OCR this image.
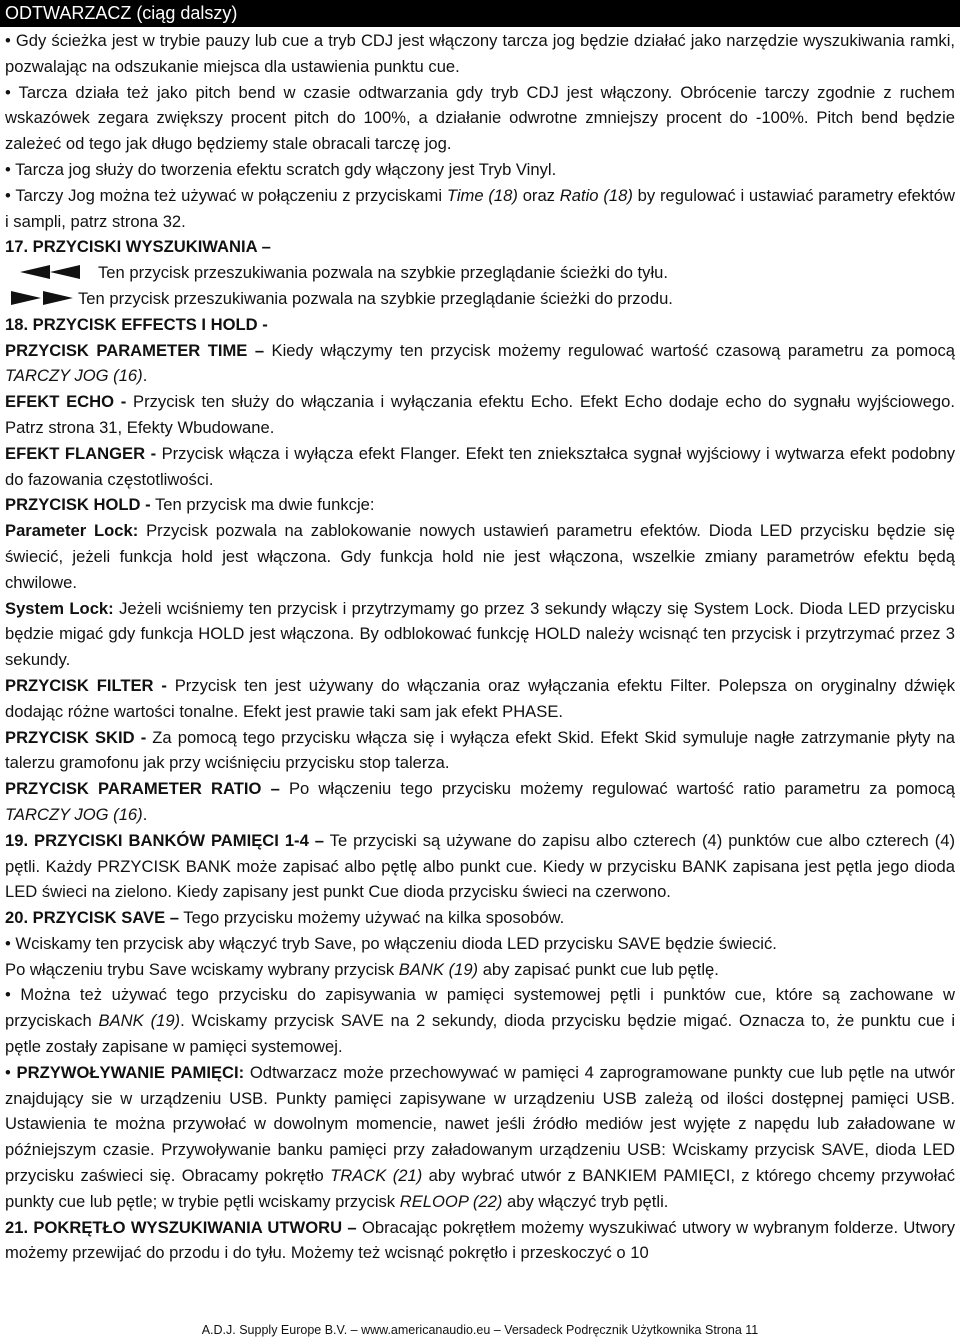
ODTWARZACZ (ciąg dalszy)

• Gdy ścieżka jest w trybie pauzy lub cue a tryb CDJ jest włączony tarcza jog będzie działać jako narzędzie wyszukiwania ramki, pozwalając na odszukanie miejsca dla ustawienia punktu cue.

• Tarcza działa też jako pitch bend w czasie odtwarzania gdy tryb CDJ jest włączony. Obrócenie tarczy zgodnie z ruchem wskazówek zegara zwiększy procent pitch do 100%, a działanie odwrotne zmniejszy procent do -100%. Pitch bend będzie zależeć od tego jak długo będziemy stale obracali tarczę jog.

• Tarcza jog służy do tworzenia efektu scratch gdy włączony jest Tryb Vinyl.

• Tarczy Jog można też używać w połączeniu z przyciskami Time (18) oraz Ratio (18) by regulować i ustawiać parametry efektów i sampli, patrz strona 32.

17. PRZYCISKI WYSZUKIWANIA –

Ten przycisk przeszukiwania pozwala na szybkie przeglądanie ścieżki do tyłu.
Ten przycisk przeszukiwania pozwala na szybkie przeglądanie ścieżki do przodu.

18. PRZYCISK EFFECTS I HOLD -

PRZYCISK PARAMETER TIME – Kiedy włączymy ten przycisk możemy regulować wartość czasową parametru za pomocą TARCZY JOG (16).

EFEKT ECHO - Przycisk ten służy do włączania i wyłączania efektu Echo. Efekt Echo dodaje echo do sygnału wyjściowego. Patrz strona 31, Efekty Wbudowane.

EFEKT FLANGER - Przycisk włącza i wyłącza efekt Flanger. Efekt ten zniekształca sygnał wyjściowy i wytwarza efekt podobny do fazowania częstotliwości.

PRZYCISK HOLD - Ten przycisk ma dwie funkcje:

Parameter Lock: Przycisk pozwala na zablokowanie nowych ustawień parametru efektów. Dioda LED przycisku będzie się świecić, jeżeli funkcja hold jest włączona. Gdy funkcja hold nie jest włączona, wszelkie zmiany parametrów efektu będą chwilowe.

System Lock: Jeżeli wciśniemy ten przycisk i przytrzymamy go przez 3 sekundy włączy się System Lock. Dioda LED przycisku będzie migać gdy funkcja HOLD jest włączona. By odblokować funkcję HOLD należy wcisnąć ten przycisk i przytrzymać przez 3 sekundy.

PRZYCISK FILTER - Przycisk ten jest używany do włączania oraz wyłączania efektu Filter. Polepsza on oryginalny dźwięk dodając różne wartości tonalne. Efekt jest prawie taki sam jak efekt PHASE.

PRZYCISK SKID - Za pomocą tego przycisku włącza się i wyłącza efekt Skid. Efekt Skid symuluje nagłe zatrzymanie płyty na talerzu gramofonu jak przy wciśnięciu przycisku stop talerza.

PRZYCISK PARAMETER RATIO – Po włączeniu tego przycisku możemy regulować wartość ratio parametru za pomocą TARCZY JOG (16).

19. PRZYCISKI BANKÓW PAMIĘCI 1-4 – Te przyciski są używane do zapisu albo czterech (4) punktów cue albo czterech (4) pętli. Każdy PRZYCISK BANK może zapisać albo pętlę albo punkt cue. Kiedy w przycisku BANK zapisana jest pętla jego dioda LED świeci na zielono. Kiedy zapisany jest punkt Cue dioda przycisku świeci na czerwono.

20. PRZYCISK SAVE – Tego przycisku możemy używać na kilka sposobów.

• Wciskamy ten przycisk aby włączyć tryb Save, po włączeniu dioda LED przycisku SAVE będzie świecić.

Po włączeniu trybu Save wciskamy wybrany przycisk BANK (19) aby zapisać punkt cue lub pętlę.

• Można też używać tego przycisku do zapisywania w pamięci systemowej pętli i punktów cue, które są zachowane w przyciskach BANK (19). Wciskamy przycisk SAVE na 2 sekundy, dioda przycisku będzie migać. Oznacza to, że punktu cue i pętle zostały zapisane w pamięci systemowej.

• PRZYWOŁYWANIE PAMIĘCI: Odtwarzacz może przechowywać w pamięci 4 zaprogramowane punkty cue lub pętle na utwór znajdujący sie w urządzeniu USB. Punkty pamięci zapisywane w urządzeniu USB zależą od ilości dostępnej pamięci USB. Ustawienia te można przywołać w dowolnym momencie, nawet jeśli źródło mediów jest wyjęte z napędu lub załadowane w późniejszym czasie. Przywoływanie banku pamięci przy załadowanym urządzeniu USB: Wciskamy przycisk SAVE, dioda LED przycisku zaświeci się. Obracamy pokrętło TRACK (21) aby wybrać utwór z BANKIEM PAMIĘCI, z którego chcemy przywołać punkty cue lub pętle; w trybie pętli wciskamy przycisk RELOOP (22) aby włączyć tryb pętli.

21. POKRĘTŁO WYSZUKIWANIA UTWORU – Obracając pokrętłem możemy wyszukiwać utwory w wybranym folderze. Utwory możemy przewijać do przodu i do tyłu. Możemy też wcisnąć pokrętło i przeskoczyć o 10

A.D.J. Supply Europe B.V. – www.americanaudio.eu – Versadeck Podręcznik Użytkownika Strona 11
